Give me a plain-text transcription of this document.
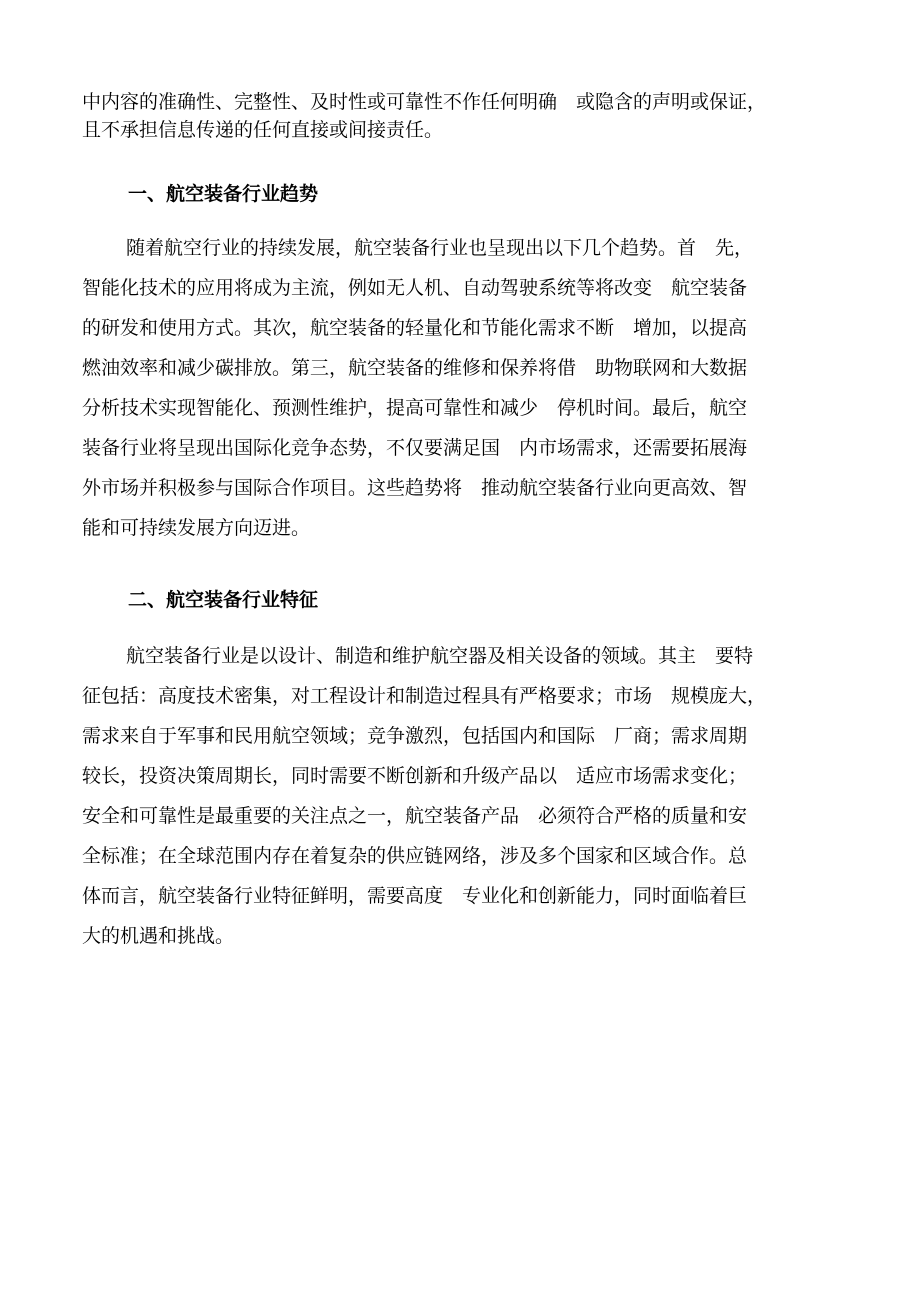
中内容的准确性、完整性、及时性或可靠性不作任何明确　或隐含的声明或保证，
且不承担信息传递的任何直接或间接责任。
一、航空装备行业趋势
随着航空行业的持续发展，航空装备行业也呈现出以下几个趋势。首　先，
智能化技术的应用将成为主流，例如无人机、自动驾驶系统等将改变　航空装备
的研发和使用方式。其次，航空装备的轻量化和节能化需求不断　增加，以提高
燃油效率和减少碳排放。第三，航空装备的维修和保养将借　助物联网和大数据
分析技术实现智能化、预测性维护，提高可靠性和减少　停机时间。最后，航空
装备行业将呈现出国际化竞争态势，不仅要满足国　内市场需求，还需要拓展海
外市场并积极参与国际合作项目。这些趋势将　推动航空装备行业向更高效、智
能和可持续发展方向迈进。
二、航空装备行业特征
航空装备行业是以设计、制造和维护航空器及相关设备的领域。其主　要特
征包括：高度技术密集，对工程设计和制造过程具有严格要求；市场　规模庞大，
需求来自于军事和民用航空领域；竞争激烈，包括国内和国际　厂商；需求周期
较长，投资决策周期长，同时需要不断创新和升级产品以　适应市场需求变化；
安全和可靠性是最重要的关注点之一，航空装备产品　必须符合严格的质量和安
全标准；在全球范围内存在着复杂的供应链网络，涉及多个国家和区域合作。总
体而言，航空装备行业特征鲜明，需要高度　专业化和创新能力，同时面临着巨
大的机遇和挑战。
